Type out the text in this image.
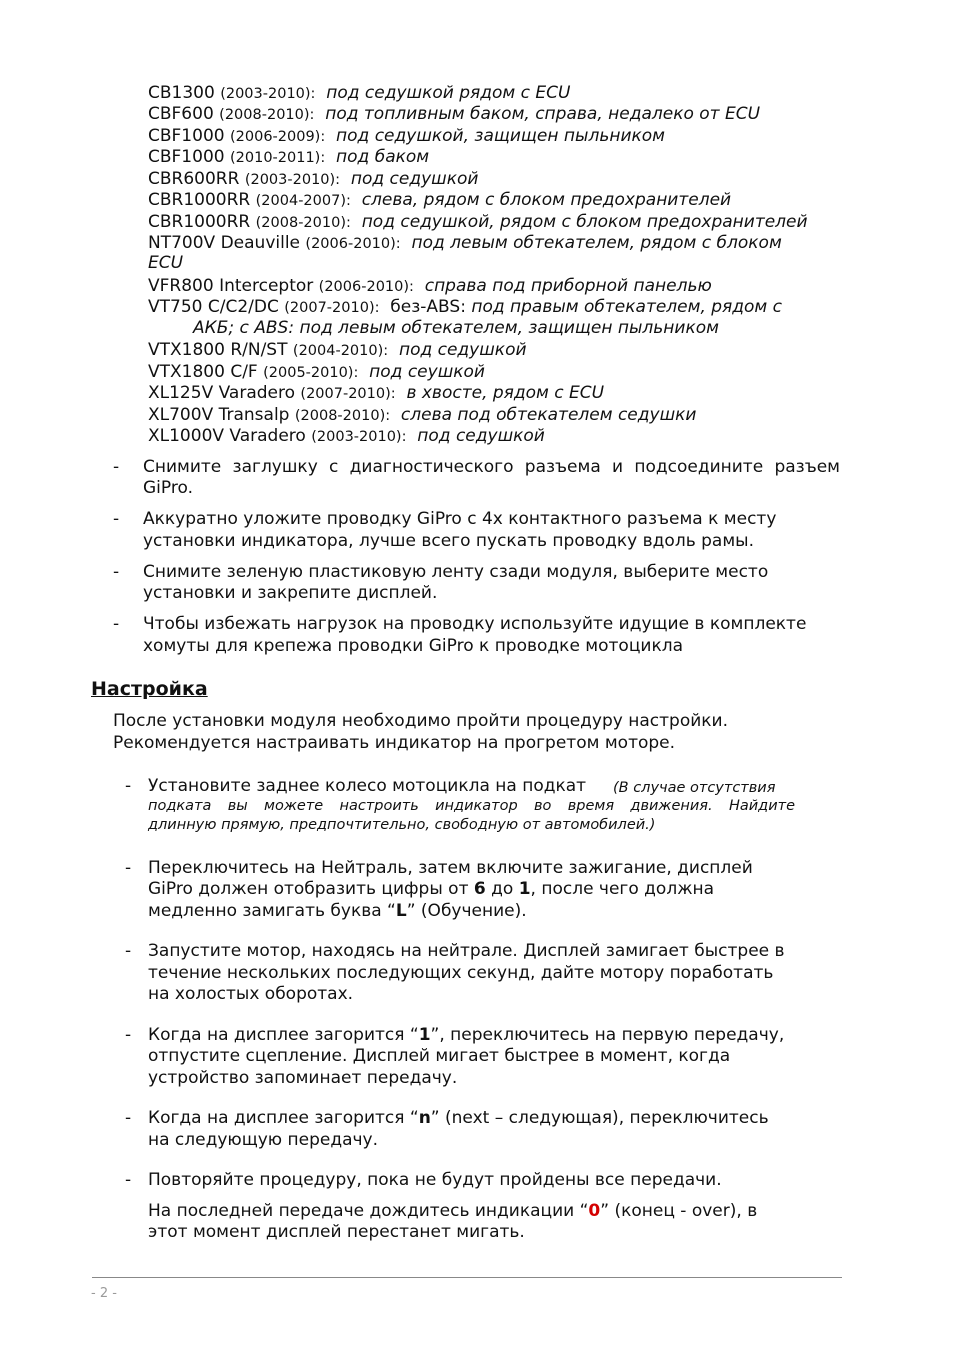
CB1300 (2003-2010): под седушкой рядом с ECU
CBF600 (2008-2010): под топливным баком, справа, недалеко от ECU
CBF1000 (2006-2009): под седушкой, защищен пыльником
CBF1000 (2010-2011): под баком
CBR600RR (2003-2010): под седушкой
CBR1000RR (2004-2007): слева, рядом с блоком предохранителей
CBR1000RR (2008-2010): под седушкой, рядом с блоком предохранителей
NT700V Deauville (2006-2010): под левым обтекателем, рядом с блоком
VFR800 Interceptor (2006-2010): справа под приборной панелью
VT750 C/C2/DC (2007-2010): без-ABS: под правым обтекателем, рядом с
VTX1800 R/N/ST (2004-2010): под седушкой
VTX1800 C/F (2005-2010): под сеушкой
XL125V Varadero (2007-2010): в хвосте, рядом с ECU
XL700V Transalp (2008-2010): слева под обтекателем седушки
XL1000V Varadero (2003-2010): под седушкой
ECU
АКБ; с ABS: под левым обтекателем, защищен пыльником
- Снимите заглушку с диагностического разъема и подсоедините разъем
GiPro.
- Аккуратно уложите проводку GiPro с 4х контактного разъема к месту
установки индикатора, лучше всего пускать проводку вдоль рамы.
- Снимите зеленую пластиковую ленту сзади модуля, выберите место
установки и закрепите дисплей.
- Чтобы избежать нагрузок на проводку используйте идущие в комплекте
хомуты для крепежа проводки GiPro к проводке мотоцикла
Настройка
После установки модуля необходимо пройти процедуру настройки.
Рекомендуется настраивать индикатор на прогретом моторе.
- Установите заднее колесо мотоцикла на подкат (В случае отсутствия
подката вы можете настроить индикатор во время движения. Найдите
длинную прямую, предпочтительно, свободную от автомобилей.)
- Переключитесь на Нейтраль, затем включите зажигание, дисплей
GiPro должен отобразить цифры от 6 до 1, после чего должна
медленно замигать буква “L” (Обучение).
- Запустите мотор, находясь на нейтрале. Дисплей замигает быстрее в
течение нескольких последующих секунд, дайте мотору поработать
на холостых оборотах.
- Когда на дисплее загорится “1”, переключитесь на первую передачу,
отпустите сцепление. Дисплей мигает быстрее в момент, когда
устройство запоминает передачу.
- Когда на дисплее загорится “n” (next – следующая), переключитесь
на следующую передачу.
- Повторяйте процедуру, пока не будут пройдены все передачи.
На последней передаче дождитесь индикации “0” (конец - over), в
этот момент дисплей перестанет мигать.
- 2 -
